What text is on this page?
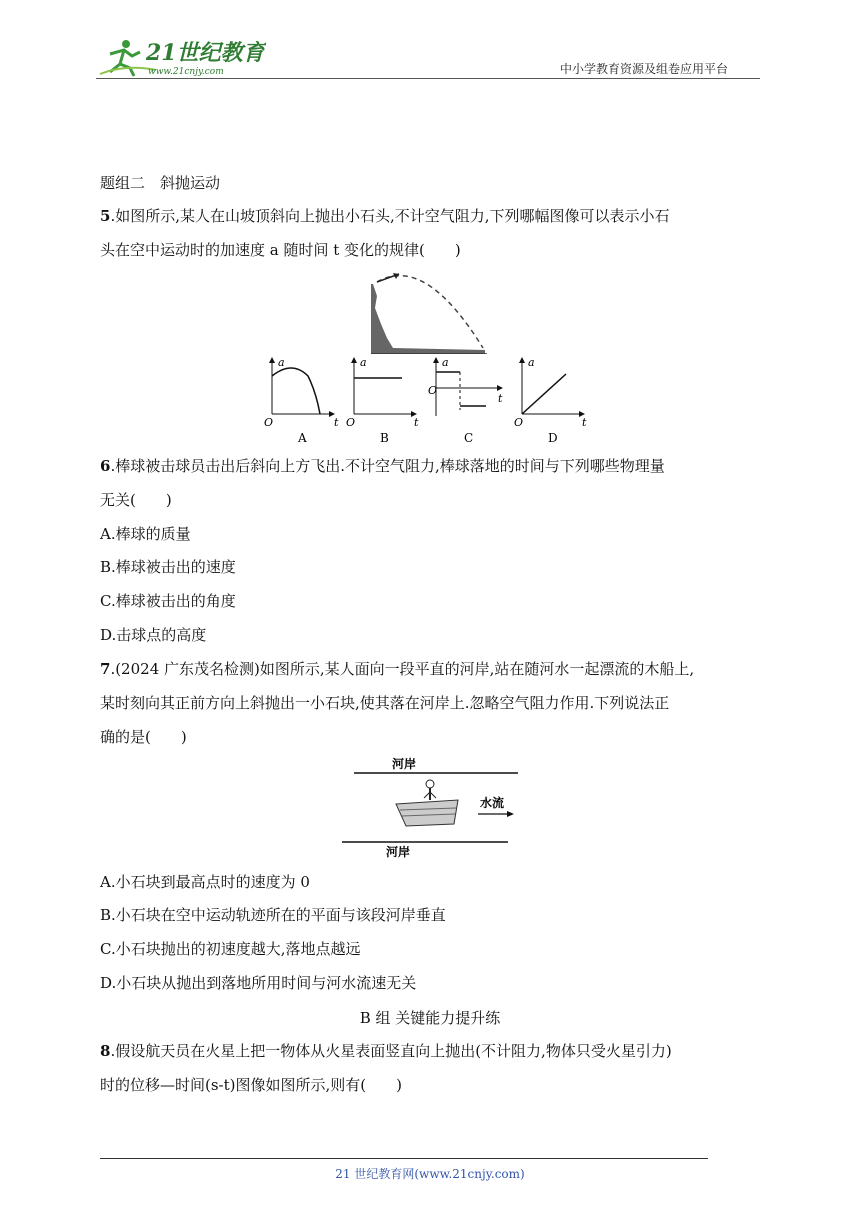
21世纪教育
www.21cnjy.com	中小学教育资源及组卷应用平台
题组二　斜抛运动
5.如图所示,某人在山坡顶斜向上抛出小石头,不计空气阻力,下列哪幅图像可以表示小石
头在空中运动时的加速度 a 随时间 t 变化的规律(　　)
a
O	t
A
a
O	t
B
a
O
t
C
a
O	t
D
6.棒球被击球员击出后斜向上方飞出.不计空气阻力,棒球落地的时间与下列哪些物理量
无关(　　)
A.棒球的质量
B.棒球被击出的速度
C.棒球被击出的角度
D.击球点的高度
7.(2024 广东茂名检测)如图所示,某人面向一段平直的河岸,站在随河水一起漂流的木船上,
某时刻向其正前方向上斜抛出一小石块,使其落在河岸上.忽略空气阻力作用.下列说法正
确的是(　　)
河岸
河岸
水流
A.小石块到最高点时的速度为 0
B.小石块在空中运动轨迹所在的平面与该段河岸垂直
C.小石块抛出的初速度越大,落地点越远
D.小石块从抛出到落地所用时间与河水流速无关
B 组 关键能力提升练
8.假设航天员在火星上把一物体从火星表面竖直向上抛出(不计阻力,物体只受火星引力)
时的位移—时间(s-t)图像如图所示,则有(　　)
21 世纪教育网(www.21cnjy.com)
